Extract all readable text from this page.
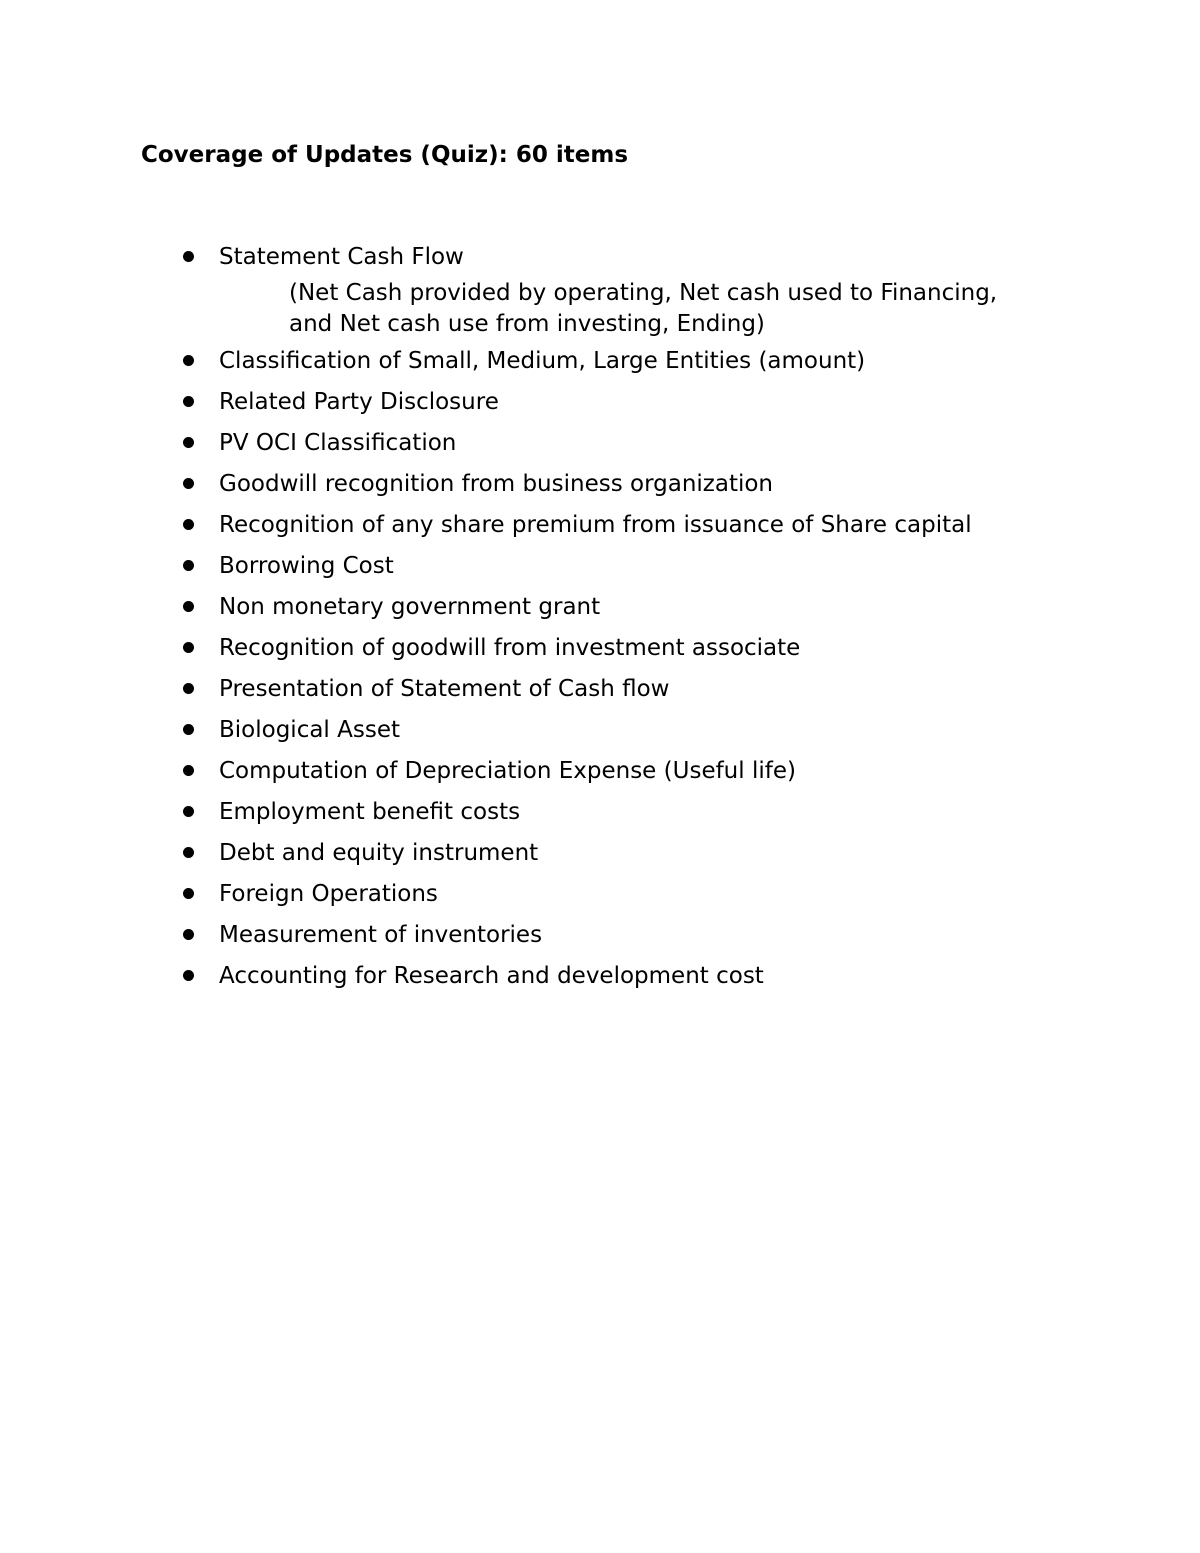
Coverage of Updates (Quiz): 60 items
Statement Cash Flow
(Net Cash provided by operating, Net cash used to Financing,
and Net cash use from investing, Ending)
Classification of Small, Medium, Large Entities (amount)
Related Party Disclosure
PV OCI Classification
Goodwill recognition from business organization
Recognition of any share premium from issuance of Share capital
Borrowing Cost
Non monetary government grant
Recognition of goodwill from investment associate
Presentation of Statement of Cash flow
Biological Asset
Computation of Depreciation Expense (Useful life)
Employment benefit costs
Debt and equity instrument
Foreign Operations
Measurement of inventories
Accounting for Research and development cost
